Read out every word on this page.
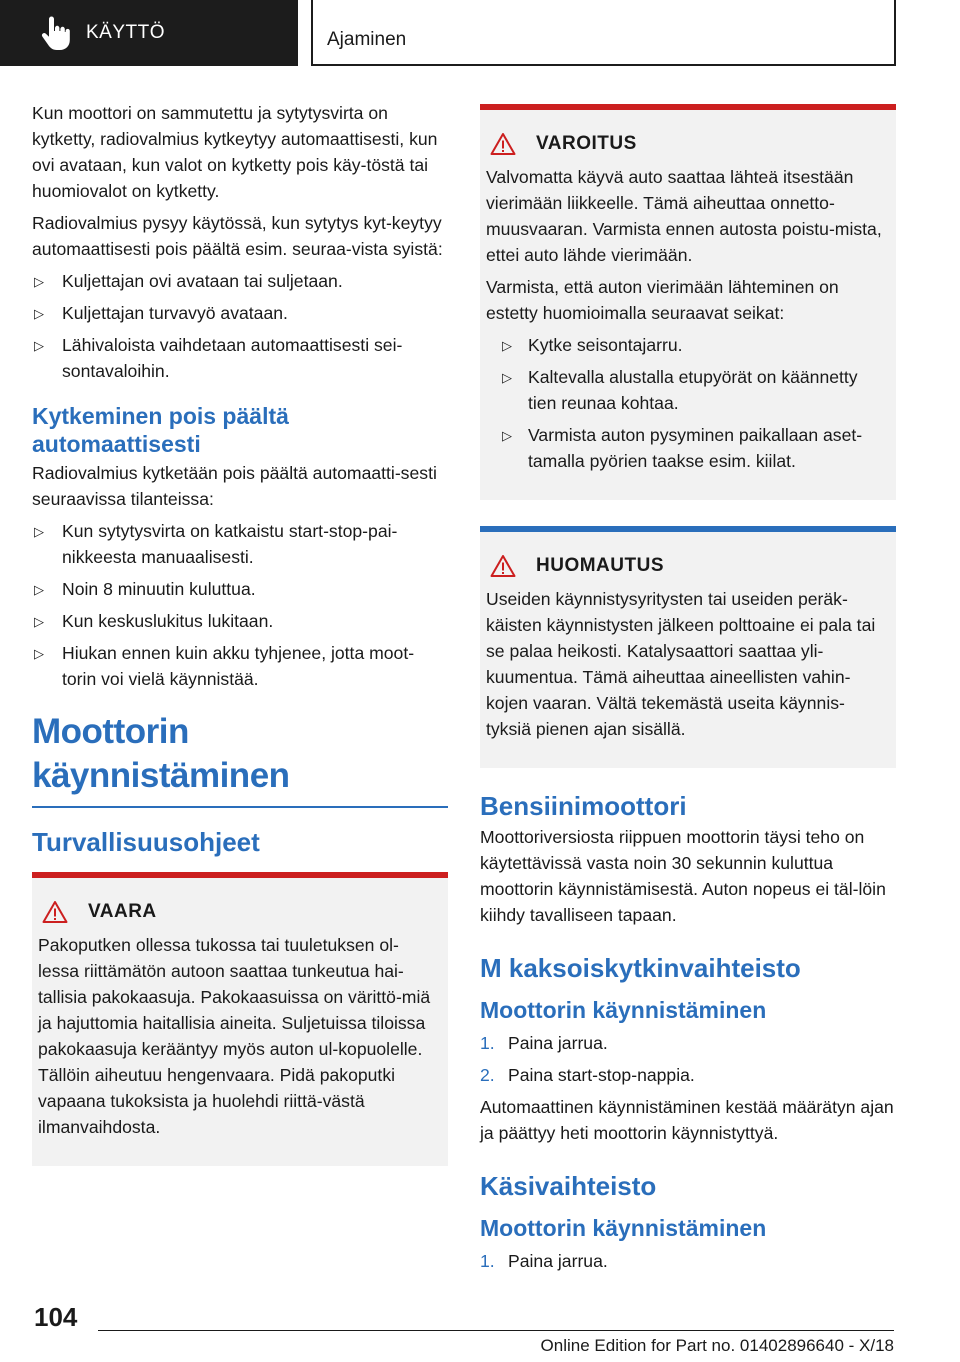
KÄYTTÖ	Ajaminen

Kun moottori on sammutettu ja sytytysvirta on kytketty, radiovalmius kytkeytyy automaattisesti, kun ovi avataan, kun valot on kytketty pois käy‐töstä tai huomiovalot on kytketty.

Radiovalmius pysyy käytössä, kun sytytys kyt‐keytyy automaattisesti pois päältä esim. seuraa‐vista syistä:

▷ Kuljettajan ovi avataan tai suljetaan.
▷ Kuljettajan turvavyö avataan.
▷ Lähivaloista vaihdetaan automaattisesti sei‐sontavaloihin.
Kytkeminen pois päältä automaattisesti

Radiovalmius kytketään pois päältä automaatti‐sesti seuraavissa tilanteissa:

▷ Kun sytytysvirta on katkaistu start-stop-pai‐nikkeesta manuaalisesti.
▷ Noin 8 minuutin kuluttua.
▷ Kun keskuslukitus lukitaan.
▷ Hiukan ennen kuin akku tyhjenee, jotta moot‐torin voi vielä käynnistää.
Moottorin käynnistäminen
Turvallisuusohjeet
VAARA

Pakoputken ollessa tukossa tai tuuletuksen ol‐lessa riittämätön autoon saattaa tunkeutua hai‐tallisia pakokaasuja. Pakokaasuissa on värittö‐miä ja hajuttomia haitallisia aineita. Suljetuissa tiloissa pakokaasuja kerääntyy myös auton ul‐kopuolelle. Tällöin aiheutuu hengenvaara. Pidä pakoputki vapaana tukoksista ja huolehdi riittä‐västä ilmanvaihdosta.

VAROITUS

Valvomatta käyvä auto saattaa lähteä itsestään vierimään liikkeelle. Tämä aiheuttaa onnetto‐muusvaaran. Varmista ennen autosta poistu‐mista, ettei auto lähde vierimään.

Varmista, että auton vierimään lähteminen on estetty huomioimalla seuraavat seikat:

▷ Kytke seisontajarru.
▷ Kaltevalla alustalla etupyörät on käännetty tien reunaa kohtaa.
▷ Varmista auton pysyminen paikallaan aset‐tamalla pyörien taakse esim. kiilat.
HUOMAUTUS

Useiden käynnistysyritysten tai useiden peräk‐käisten käynnistysten jälkeen polttoaine ei pala tai se palaa heikosti. Katalysaattori saattaa yli‐kuumentua. Tämä aiheuttaa aineellisten vahin‐kojen vaaran. Vältä tekemästä useita käynnis‐tyksiä pienen ajan sisällä.

Bensiinimoottori

Moottoriversiosta riippuen moottorin täysi teho on käytettävissä vasta noin 30 sekunnin kuluttua moottorin käynnistämisestä. Auton nopeus ei täl‐löin kiihdy tavalliseen tapaan.

M kaksoiskytkinvaihteisto
Moottorin käynnistäminen
1. Paina jarrua.
2. Paina start-stop-nappia.

Automaattinen käynnistäminen kestää määrätyn ajan ja päättyy heti moottorin käynnistyttyä.

Käsivaihteisto
Moottorin käynnistäminen
1. Paina jarrua.
104
Online Edition for Part no. 01402896640 - X/18
